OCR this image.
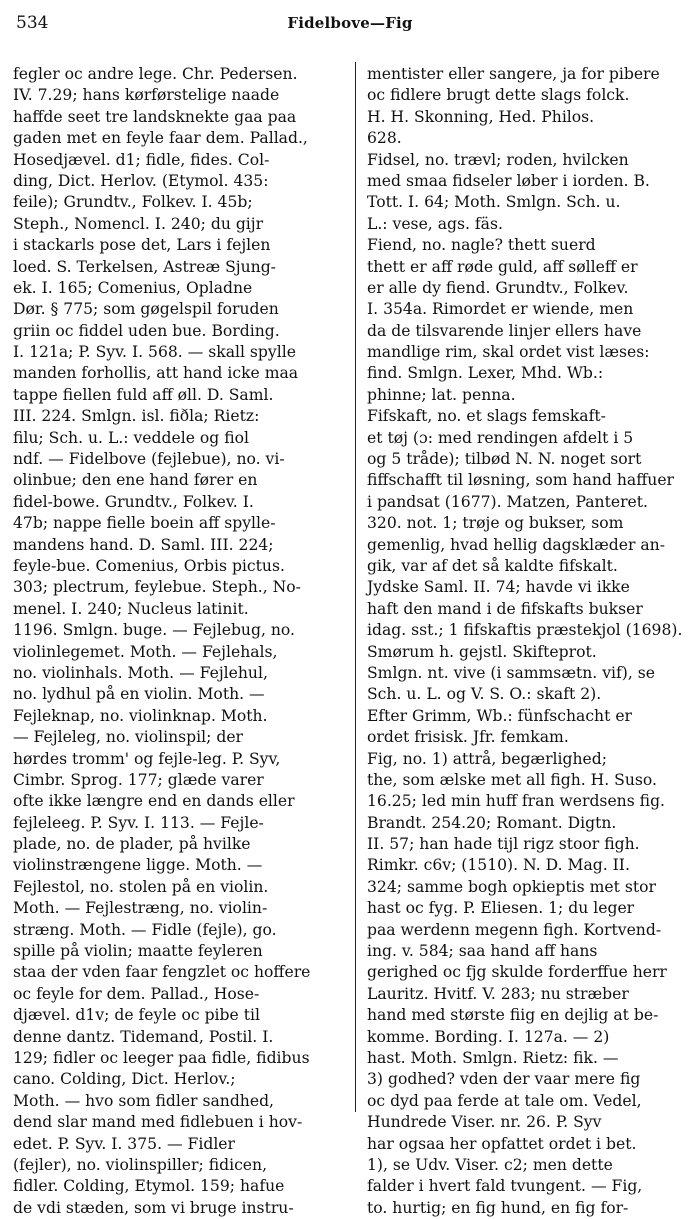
534	Fidelbove—Fig
fegler oc andre lege. Chr. Pedersen.
IV. 7.29; hans kørførstelige naade
haffde seet tre landsknekte gaa paa
gaden met en feyle faar dem. Pallad.,
Hosedjævel. d1; fidle, fides. Col-
ding, Dict. Herlov. (Etymol. 435:
feile); Grundtv., Folkev. I. 45b;
Steph., Nomencl. I. 240; du gijr
i stackarls pose det, Lars i fejlen
loed. S. Terkelsen, Astreæ Sjung-
ek. I. 165; Comenius, Opladne
Dør. § 775; som gøgelspil foruden
griin oc fiddel uden bue. Bording.
I. 121a; P. Syv. I. 568. — skall spylle
manden forhollis, att hand icke maa
tappe fiellen fuld aff øll. D. Saml.
III. 224. Smlgn. isl. fiðla; Rietz:
filu; Sch. u. L.: veddele og fiol
ndf. — Fidelbove (fejlebue), no. vi-
olinbue; den ene hand fører en
fidel-bowe. Grundtv., Folkev. I.
47b; nappe fielle boein aff spylle-
mandens hand. D. Saml. III. 224;
feyle-bue. Comenius, Orbis pictus.
303; plectrum, feylebue. Steph., No-
menel. I. 240; Nucleus latinit.
1196. Smlgn. buge. — Fejlebug, no.
violinlegemet. Moth. — Fejlehals,
no. violinhals. Moth. — Fejlehul,
no. lydhul på en violin. Moth. —
Fejleknap, no. violinknap. Moth.
— Fejleleg, no. violinspil; der
hørdes tromm' og fejle-leg. P. Syv,
Cimbr. Sprog. 177; glæde varer
ofte ikke længre end en dands eller
fejleleeg. P. Syv. I. 113. — Fejle-
plade, no. de plader, på hvilke
violinstrængene ligge. Moth. —
Fejlestol, no. stolen på en violin.
Moth. — Fejlestræng, no. violin-
stræng. Moth. — Fidle (fejle), go.
spille på violin; maatte feyleren
staa der vden faar fengzlet oc hoffere
oc feyle for dem. Pallad., Hose-
djævel. d1v; de feyle oc pibe til
denne dantz. Tidemand, Postil. I.
129; fidler oc leeger paa fidle, fidibus
cano. Colding, Dict. Herlov.;
Moth. — hvo som fidler sandhed,
dend slar mand med fidlebuen i hov-
edet. P. Syv. I. 375. — Fidler
(fejler), no. violinspiller; fidicen,
fidler. Colding, Etymol. 159; hafue
de vdi stæden, som vi bruge instru-
mentister eller sangere, ja for pibere
oc fidlere brugt dette slags folck.
H. H. Skonning, Hed. Philos.
628.
Fidsel, no. trævl; roden, hvilcken
med smaa fidseler løber i iorden. B.
Tott. I. 64; Moth. Smlgn. Sch. u.
L.: vese, ags. fäs.
Fiend, no. nagle? thett suerd
thett er aff røde guld, aff sølleff er
er alle dy fiend. Grundtv., Folkev.
I. 354a. Rimordet er wiende, men
da de tilsvarende linjer ellers have
mandlige rim, skal ordet vist læses:
find. Smlgn. Lexer, Mhd. Wb.:
phinne; lat. penna.
Fifskaft, no. et slags femskaft-
et tøj (ɔ: med rendingen afdelt i 5
og 5 tråde); tilbød N. N. noget sort
fiffschafft til løsning, som hand haffuer
i pandsat (1677). Matzen, Panteret.
320. not. 1; trøje og bukser, som
gemenlig, hvad hellig dagsklæder an-
gik, var af det så kaldte fifskalt.
Jydske Saml. II. 74; havde vi ikke
haft den mand i de fifskafts bukser
idag. sst.; 1 fifskaftis præstekjol (1698).
Smørum h. gejstl. Skifteprot.
Smlgn. nt. vive (i sammsætn. vif), se
Sch. u. L. og V. S. O.: skaft 2).
Efter Grimm, Wb.: fünfschacht er
ordet frisisk. Jfr. femkam.
Fig, no. 1) attrå, begærlighed;
the, som ælske met all figh. H. Suso.
16.25; led min huff fran werdsens fig.
Brandt. 254.20; Romant. Digtn.
II. 57; han hade tijl rigz stoor figh.
Rimkr. c6v; (1510). N. D. Mag. II.
324; samme bogh opkieptis met stor
hast oc fyg. P. Eliesen. 1; du leger
paa werdenn megenn figh. Kortvend-
ing. v. 584; saa hand aff hans
gerighed oc fjg skulde forderffue herr
Lauritz. Hvitf. V. 283; nu stræber
hand med største fiig en dejlig at be-
komme. Bording. I. 127a. — 2)
hast. Moth. Smlgn. Rietz: fik. —
3) godhed? vden der vaar mere fig
oc dyd paa ferde at tale om. Vedel,
Hundrede Viser. nr. 26. P. Syv
har ogsaa her opfattet ordet i bet.
1), se Udv. Viser. c2; men dette
falder i hvert fald tvungent. — Fig,
to. hurtig; en fig hund, en fig for-
